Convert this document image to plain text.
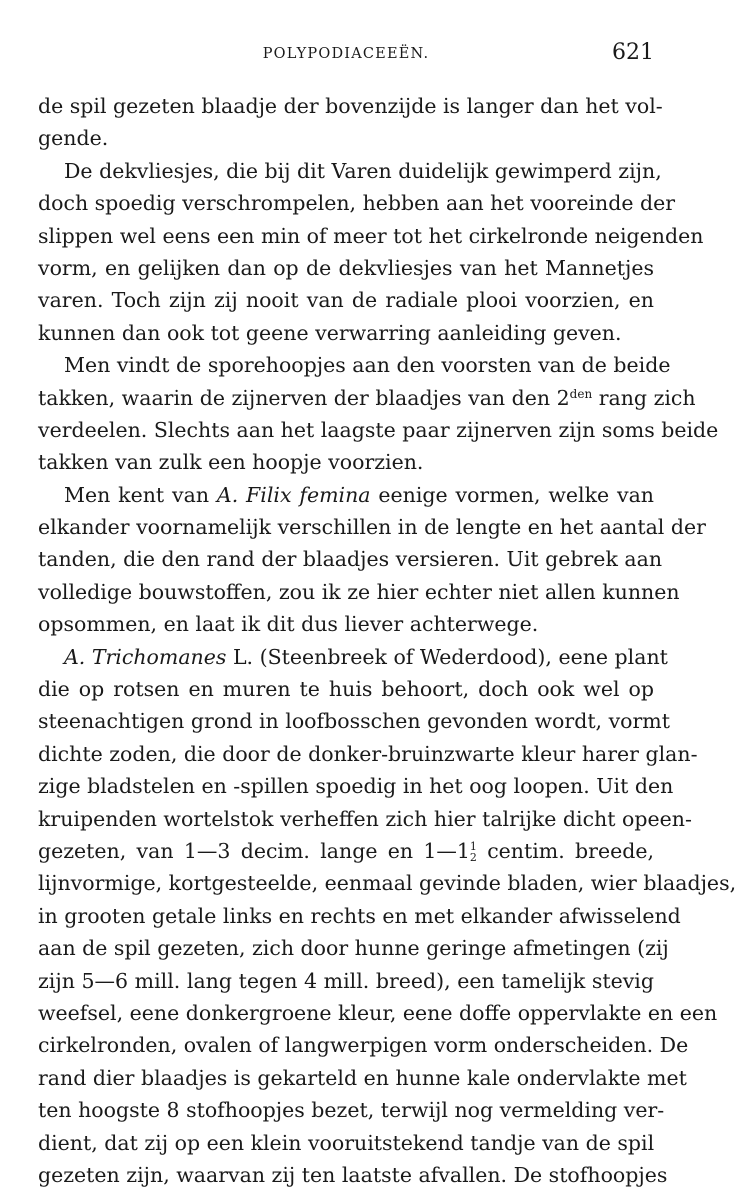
POLYPODIACEEËN.	621
de spil gezeten blaadje der bovenzijde is langer dan het vol-
gende.
De dekvliesjes, die bij dit Varen duidelijk gewimperd zijn,
doch spoedig verschrompelen, hebben aan het vooreinde der
slippen wel eens een min of meer tot het cirkelronde neigenden
vorm, en gelijken dan op de dekvliesjes van het Mannetjes
varen. Toch zijn zij nooit van de radiale plooi voorzien, en
kunnen dan ook tot geene verwarring aanleiding geven.
Men vindt de sporehoopjes aan den voorsten van de beide
takken, waarin de zijnerven der blaadjes van den $2^{den}$ rang zich
verdeelen. Slechts aan het laagste paar zijnerven zijn soms beide
takken van zulk een hoopje voorzien.
Men kent van A. Filix femina eenige vormen, welke van
elkander voornamelijk verschillen in de lengte en het aantal der
tanden, die den rand der blaadjes versieren. Uit gebrek aan
volledige bouwstoffen, zou ik ze hier echter niet allen kunnen
opsommen, en laat ik dit dus liever achterwege.
A. Trichomanes L. (Steenbreek of Wederdood), eene plant
die op rotsen en muren te huis behoort, doch ook wel op
steenachtigen grond in loofbosschen gevonden wordt, vormt
dichte zoden, die door de donker-bruinzwarte kleur harer glan-
zige bladstelen en -spillen spoedig in het oog loopen. Uit den
kruipenden wortelstok verheffen zich hier talrijke dicht opeen-
gezeten, van 1—3 decim. lange en 1—1 1
2 centim. breede,
lijnvormige, kortgesteelde, eenmaal gevinde bladen, wier blaadjes,
in grooten getale links en rechts en met elkander afwisselend
aan de spil gezeten, zich door hunne geringe afmetingen (zij
zijn 5—6 mill. lang tegen 4 mill. breed), een tamelijk stevig
weefsel, eene donkergroene kleur, eene doffe oppervlakte en een
cirkelronden, ovalen of langwerpigen vorm onderscheiden. De
rand dier blaadjes is gekarteld en hunne kale ondervlakte met
ten hoogste 8 stofhoopjes bezet, terwijl nog vermelding ver-
dient, dat zij op een klein vooruitstekend tandje van de spil
gezeten zijn, waarvan zij ten laatste afvallen. De stofhoopjes
